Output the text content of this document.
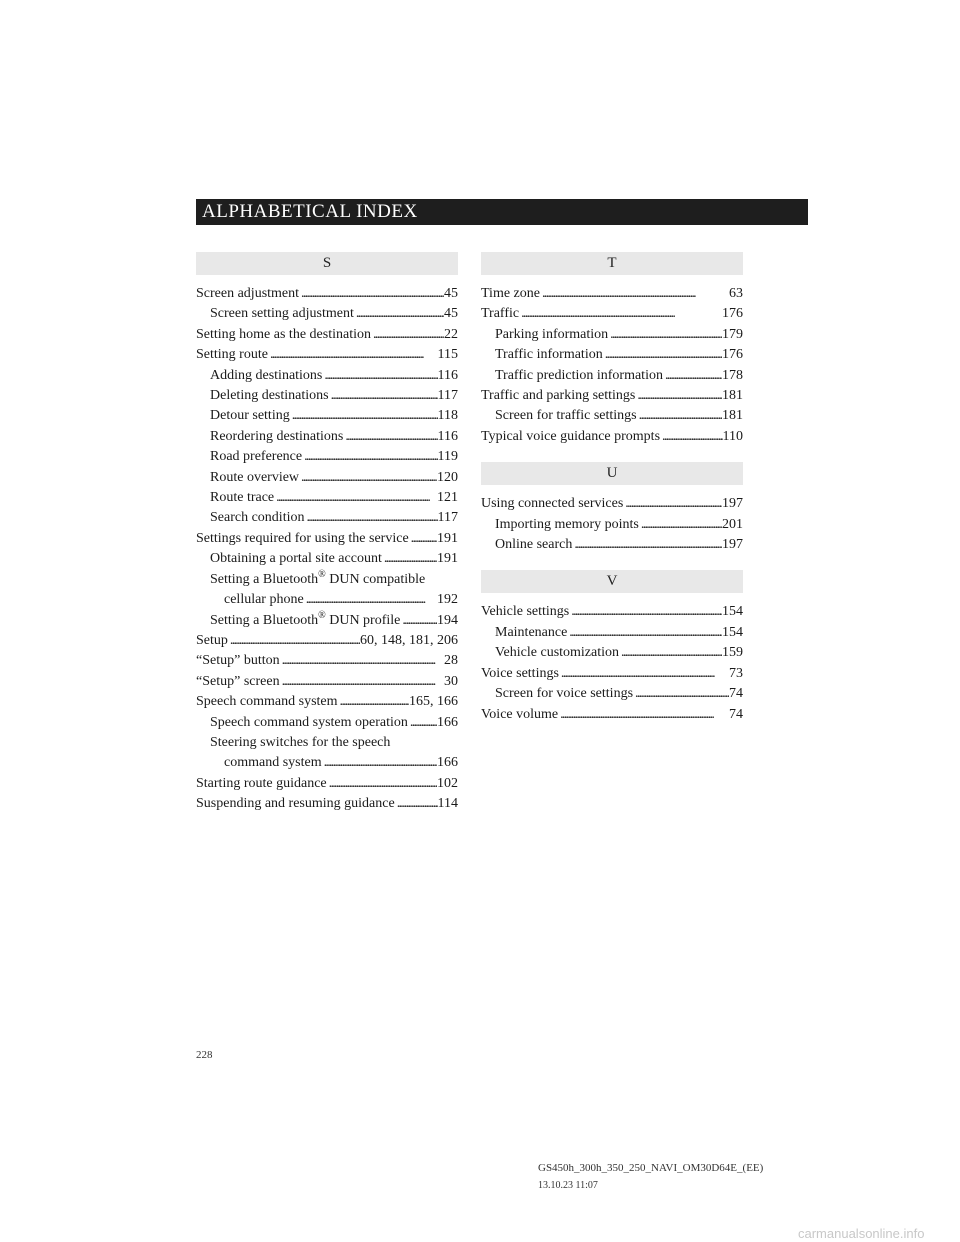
ALPHABETICAL INDEX
S
Screen adjustment . . .	45
Screen setting adjustment . . .	45
Setting home as the destination . . .	22
Setting route . . .	115
Adding destinations . . .	116
Deleting destinations . . .	117
Detour setting . . .	118
Reordering destinations . . .	116
Road preference . . .	119
Route overview . . .	120
Route trace . . .	121
Search condition . . .	117
Settings required for using the service . . . 191
Obtaining a portal site account . . .	191
Setting a Bluetooth® DUN compatible
cellular phone . . .	192
Setting a Bluetooth® DUN profile . . .	194
Setup . . .	60, 148, 181, 206
“Setup” button . . .	28
“Setup” screen . . .	30
Speech command system . . .	165, 166
Speech command system operation . . . 166
Steering switches for the speech
command system . . .	166
Starting route guidance . . .	102
Suspending and resuming guidance . . .	114
T
Time zone . . .	63
Traffic . . .	176
Parking information . . .	179
Traffic information . . .	176
Traffic prediction information . . .	178
Traffic and parking settings . . .	181
Screen for traffic settings . . .	181
Typical voice guidance prompts . . .	110
U
Using connected services . . .	197
Importing memory points . . .	201
Online search . . .	197
V
Vehicle settings . . .	154
Maintenance . . .	154
Vehicle customization . . .	159
Voice settings . . .	73
Screen for voice settings . . .	74
Voice volume . . .	74
228
GS450h_300h_350_250_NAVI_OM30D64E_(EE)
13.10.23 11:07
carmanualsonline.info
